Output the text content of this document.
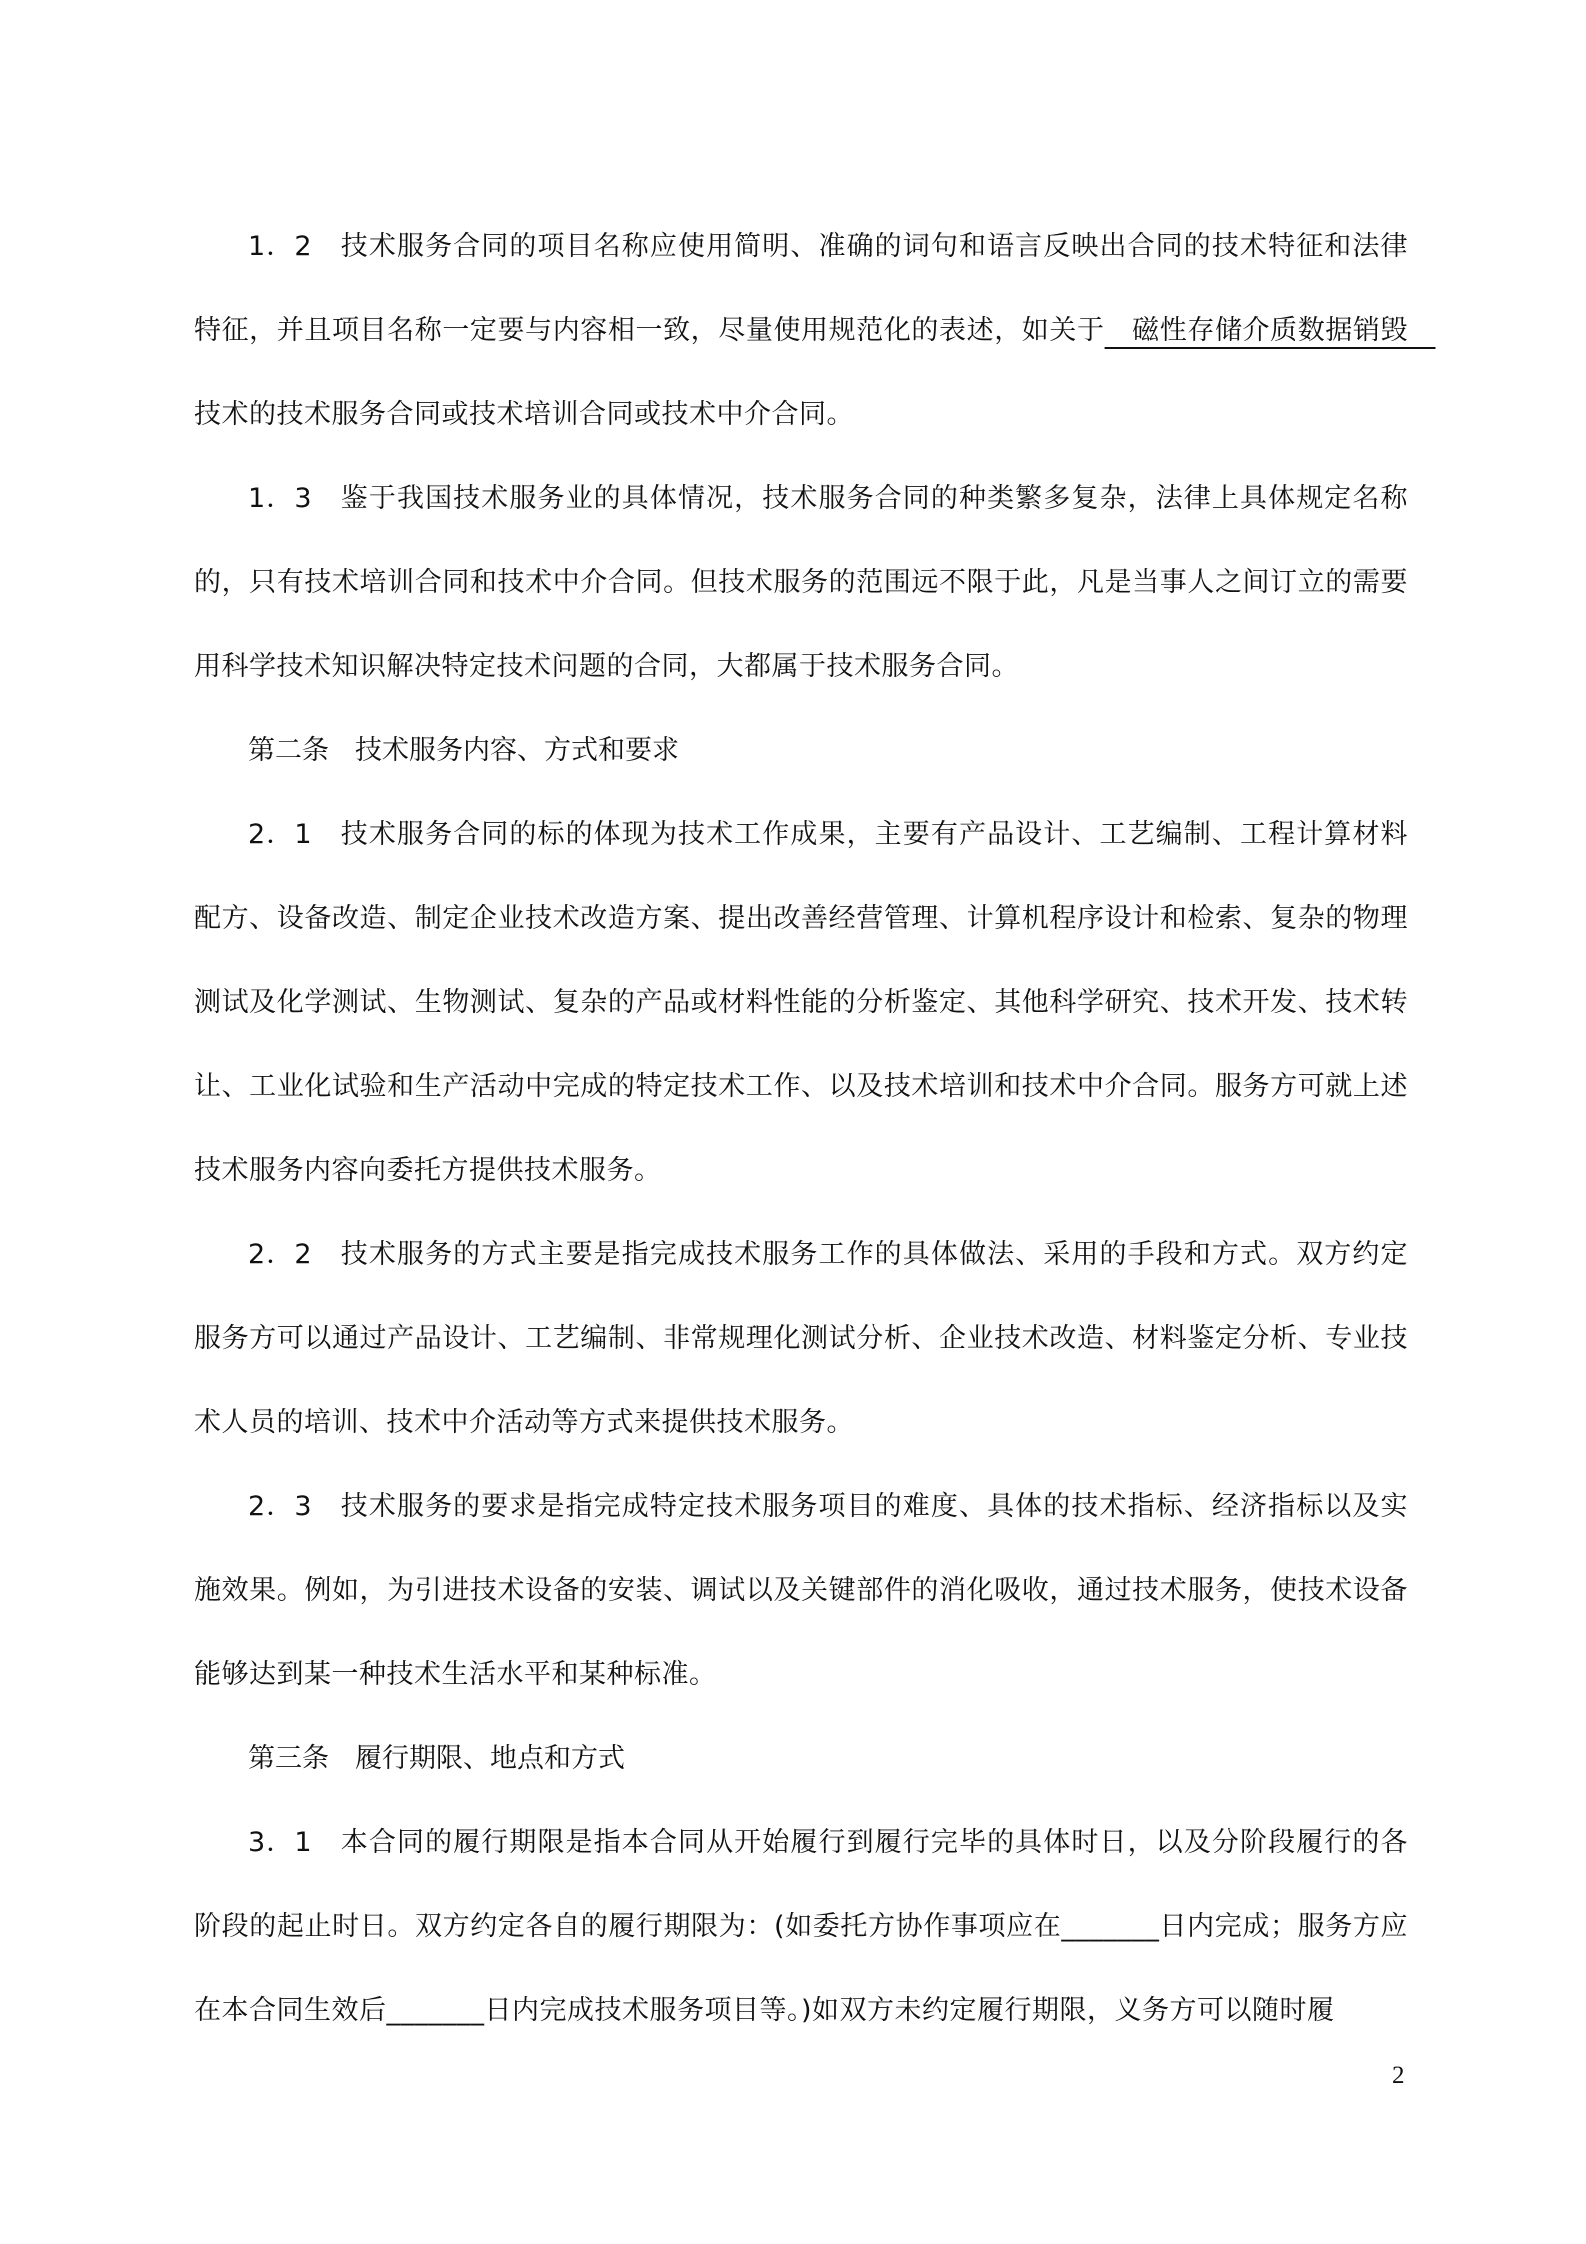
1．2　技术服务合同的项目名称应使用简明、准确的词句和语言反映出合同的技术特征和法律特征，并且项目名称一定要与内容相一致，尽量使用规范化的表述，如关于　磁性存储介质数据销毁　技术的技术服务合同或技术培训合同或技术中介合同。

1．3　鉴于我国技术服务业的具体情况，技术服务合同的种类繁多复杂，法律上具体规定名称的，只有技术培训合同和技术中介合同。但技术服务的范围远不限于此，凡是当事人之间订立的需要用科学技术知识解决特定技术问题的合同，大都属于技术服务合同。

第二条 技术服务内容、方式和要求

2．1　技术服务合同的标的体现为技术工作成果，主要有产品设计、工艺编制、工程计算材料配方、设备改造、制定企业技术改造方案、提出改善经营管理、计算机程序设计和检索、复杂的物理测试及化学测试、生物测试、复杂的产品或材料性能的分析鉴定、其他科学研究、技术开发、技术转让、工业化试验和生产活动中完成的特定技术工作、以及技术培训和技术中介合同。服务方可就上述技术服务内容向委托方提供技术服务。

2．2　技术服务的方式主要是指完成技术服务工作的具体做法、采用的手段和方式。双方约定服务方可以通过产品设计、工艺编制、非常规理化测试分析、企业技术改造、材料鉴定分析、专业技术人员的培训、技术中介活动等方式来提供技术服务。

2．3　技术服务的要求是指完成特定技术服务项目的难度、具体的技术指标、经济指标以及实施效果。例如，为引进技术设备的安装、调试以及关键部件的消化吸收，通过技术服务，使技术设备能够达到某一种技术生活水平和某种标准。

第三条 履行期限、地点和方式

3．1　本合同的履行期限是指本合同从开始履行到履行完毕的具体时日，以及分阶段履行的各阶段的起止时日。双方约定各自的履行期限为：(如委托方协作事项应在_______日内完成；服务方应在本合同生效后_______日内完成技术服务项目等。)如双方未约定履行期限，义务方可以随时履

2
